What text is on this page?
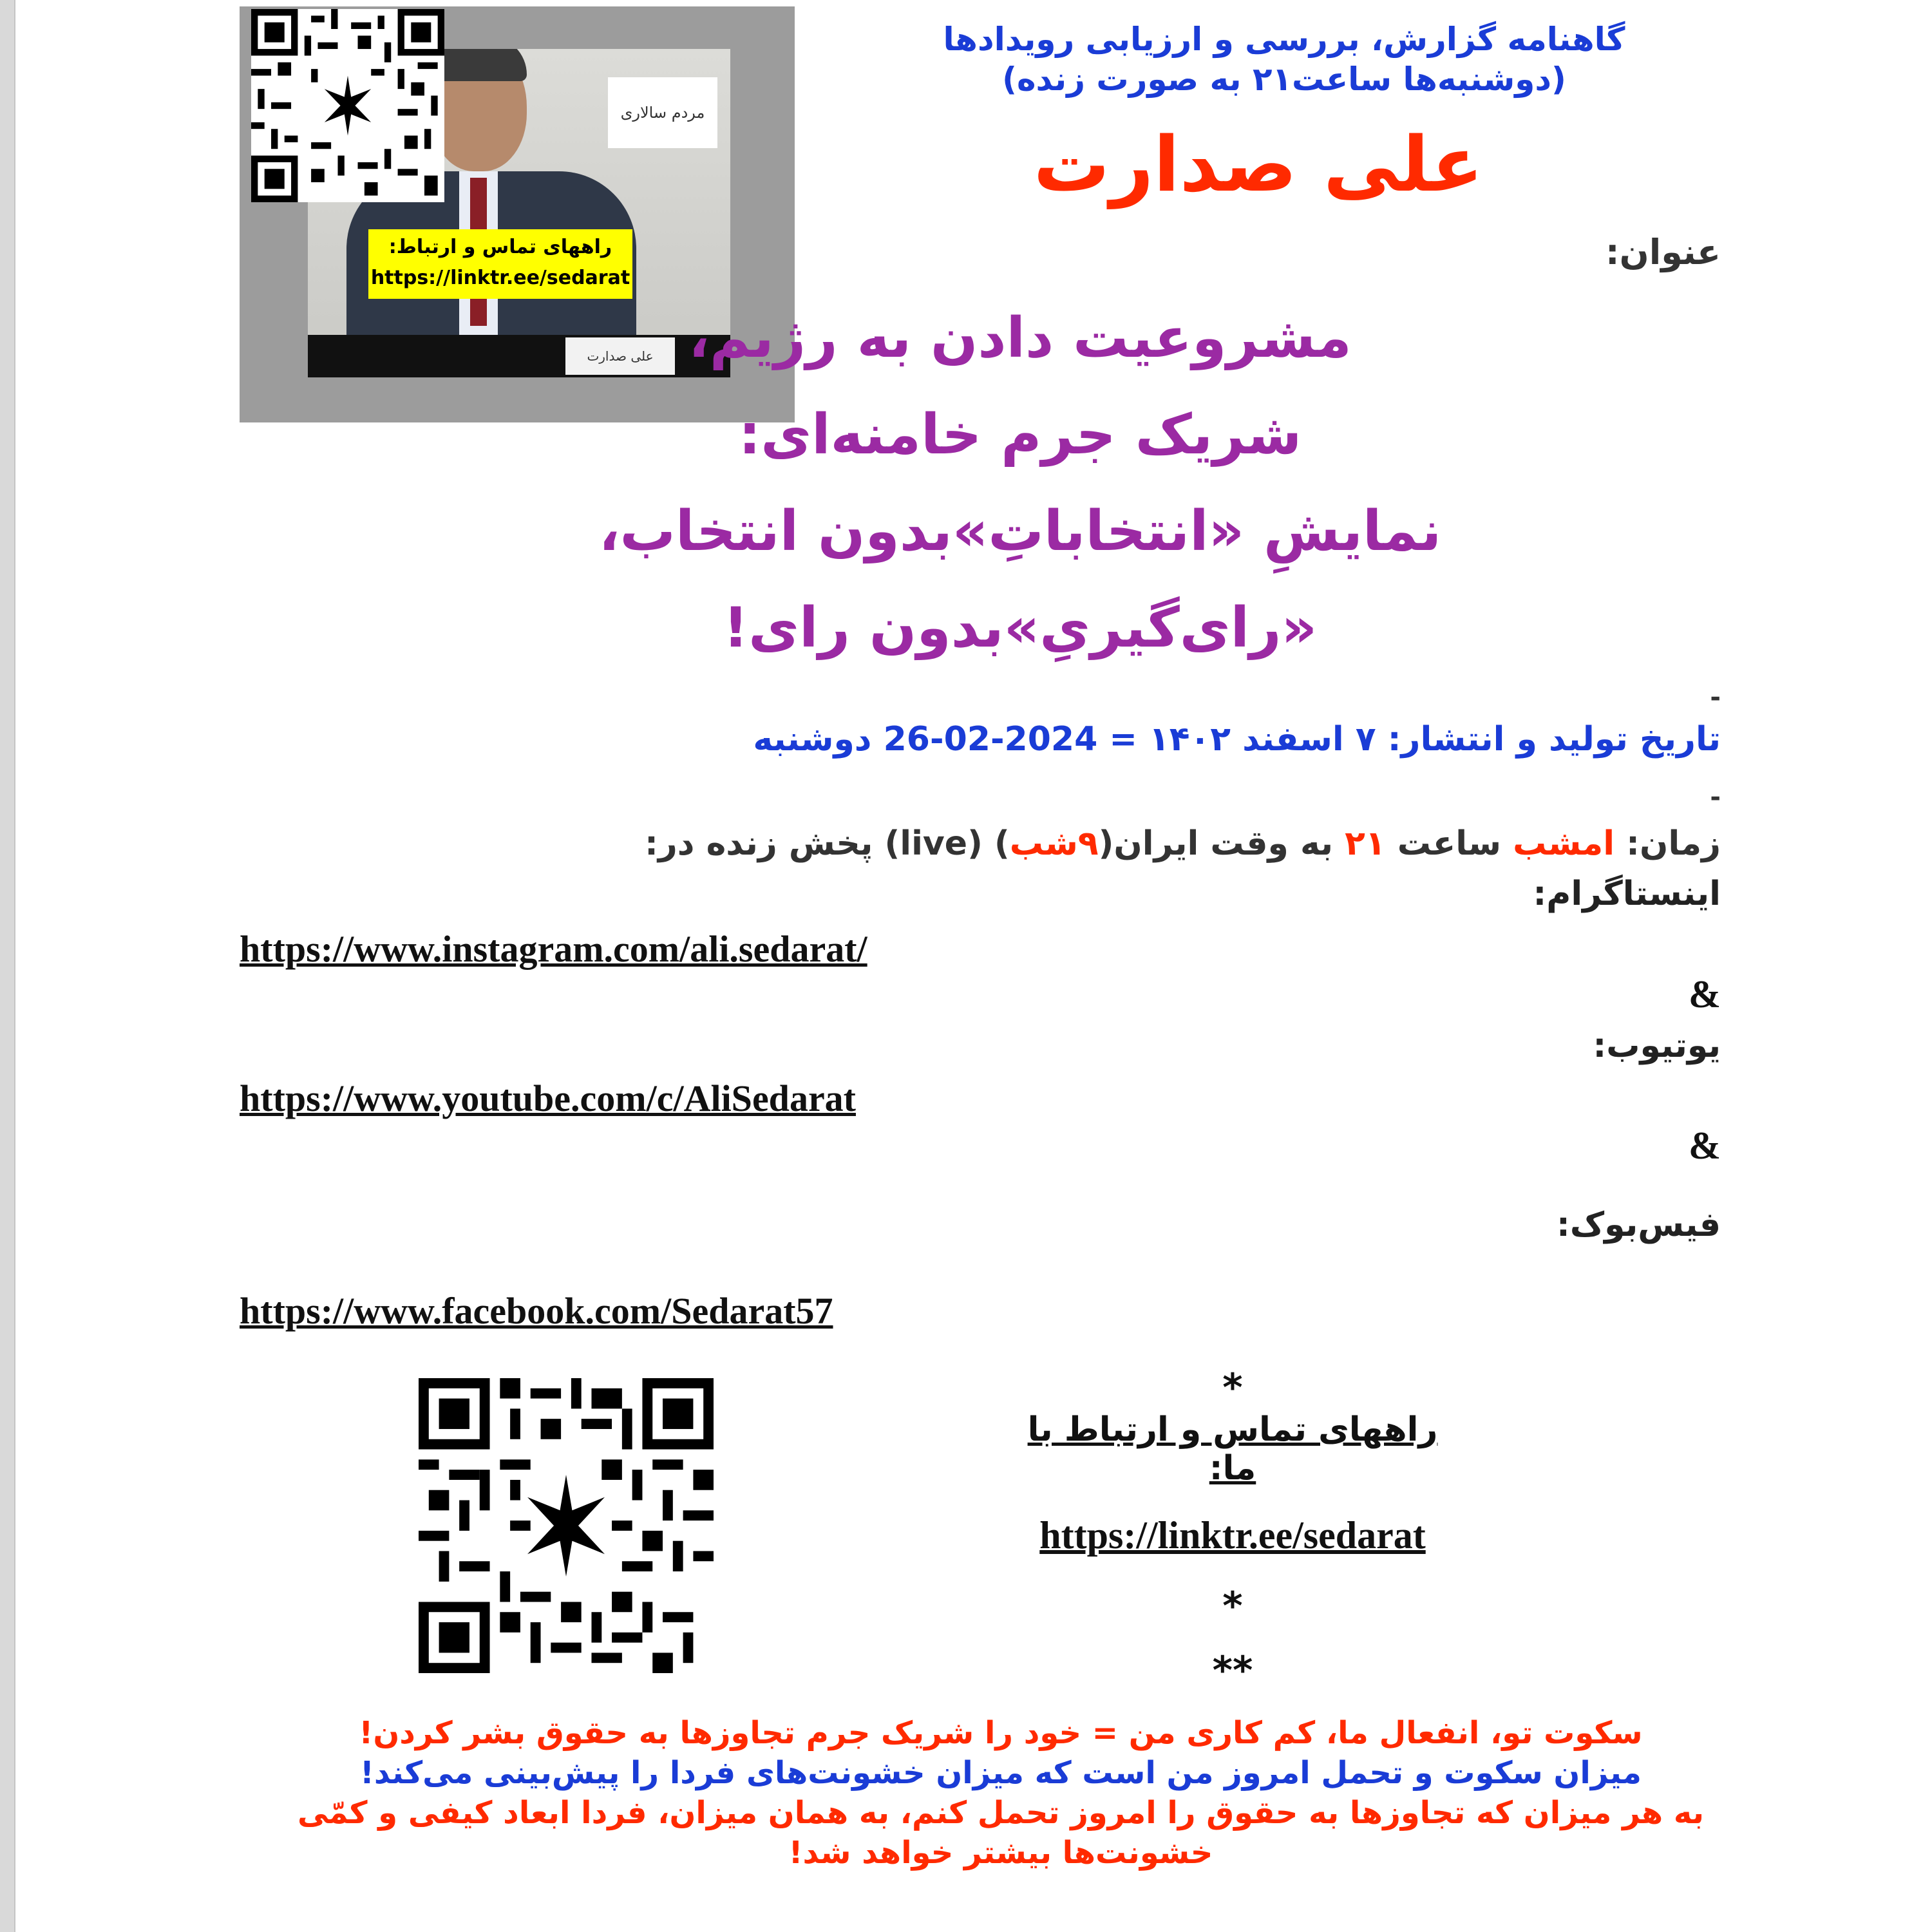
مردم سالاری
علی صدارت
راههای تماس و ارتباط:
https://linktr.ee/sedarat
گاهنامه گزارش، بررسی و ارزیابی رویدادها
(دوشنبه‌ها ساعت۲۱ به صورت زنده)
علی صدارت
عنوان:
مشروعیت دادن به رژیم،
شریک جرم خامنه‌ای:
نمایشِ «انتخاباتِ»بدون انتخاب،
«رای‌گیریِ»بدون رای!
-
تاریخ تولید و انتشار: ۷ اسفند ۱۴۰۲ = 2024-02-26 دوشنبه
-
زمان: امشب ساعت ۲۱ به وقت ایران(۹شب) (live) پخش زنده در:
اینستاگرام:
https://www.instagram.com/ali.sedarat/
&
یوتیوب:
https://www.youtube.com/c/AliSedarat
&
فیس‌بوک:
https://www.facebook.com/Sedarat57
*
راههای تماس و ارتباط با ما:
https://linktr.ee/sedarat
*
**
سکوت تو، انفعال ما، کم کاری من = خود را شریک جرم تجاوزها به حقوق بشر کردن!
میزان سکوت و تحمل امروز من است که میزان خشونت‌های فردا را پیش‌بینی می‌کند!
به هر میزان که تجاوزها به حقوق را امروز تحمل کنم، به همان میزان، فردا ابعاد کیفی و کمّی
خشونت‌ها بیشتر خواهد شد!
